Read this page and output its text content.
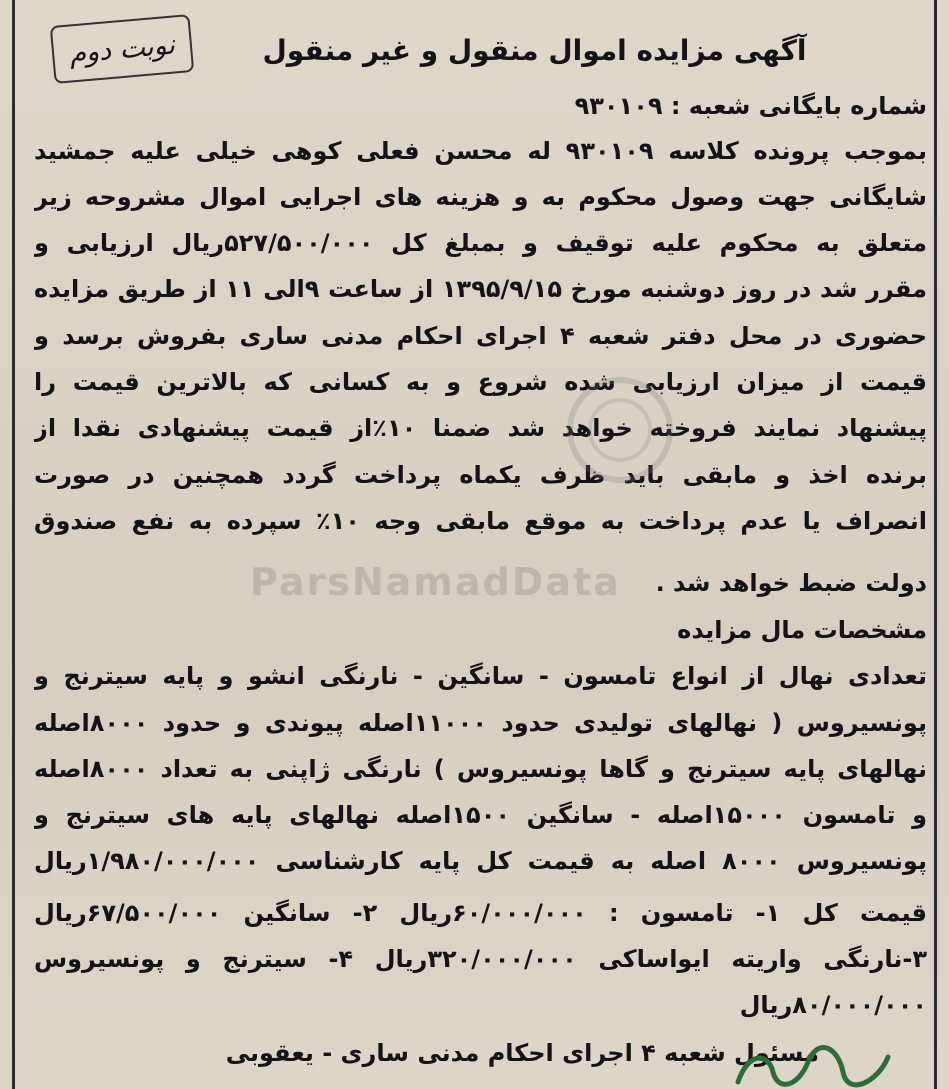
نوبت دوم	آگهی مزایده اموال منقول و غیر منقول
شماره بایگانی شعبه : ۹۳۰۱۰۹
بموجب پرونده کلاسه ۹۳۰۱۰۹ له محسن فعلی کوهی خیلی علیه جمشید
شایگانی جهت وصول محکوم به و هزینه های اجرایی اموال مشروحه زیر
متعلق به محکوم علیه توقیف و بمبلغ کل ۵۲۷/۵۰۰/۰۰۰ریال ارزیابی و
مقرر شد در روز دوشنبه مورخ ۱۳۹۵/۹/۱۵ از ساعت ۹الی ۱۱ از طریق مزایده
حضوری در محل دفتر شعبه ۴ اجرای احکام مدنی ساری بفروش برسد و
قیمت از میزان ارزیابی شده شروع و به کسانی که بالاترین قیمت را
پیشنهاد نمایند فروخته خواهد شد ضمنا ۱۰٪از قیمت پیشنهادی نقدا از
برنده اخذ و مابقی باید ظرف یکماه پرداخت گردد همچنین در صورت
انصراف یا عدم پرداخت به موقع مابقی وجه ۱۰٪ سپرده به نفع صندوق
دولت ضبط خواهد شد .
مشخصات مال مزایده
تعدادی نهال از انواع تامسون - سانگین - نارنگی انشو و پایه سیترنج و
پونسیروس ( نهالهای تولیدی حدود ۱۱۰۰۰اصله پیوندی و حدود ۸۰۰۰اصله
نهالهای پایه سیترنج و گاها پونسیروس ) نارنگی ژاپنی به تعداد ۸۰۰۰اصله
و تامسون ۱۵۰۰۰اصله - سانگین ۱۵۰۰اصله نهالهای پایه های سیترنج و
پونسیروس ۸۰۰۰ اصله به قیمت کل پایه کارشناسی ۱/۹۸۰/۰۰۰/۰۰۰ریال
قیمت کل ۱- تامسون : ۶۰/۰۰۰/۰۰۰ریال ۲- سانگین ۶۷/۵۰۰/۰۰۰ریال
۳-نارنگی واریته ایواساکی ۳۲۰/۰۰۰/۰۰۰ریال ۴- سیترنج و پونسیروس
۸۰/۰۰۰/۰۰۰ریال
مسئول شعبه ۴ اجرای احکام مدنی ساری - یعقوبی
ParsNamadData
